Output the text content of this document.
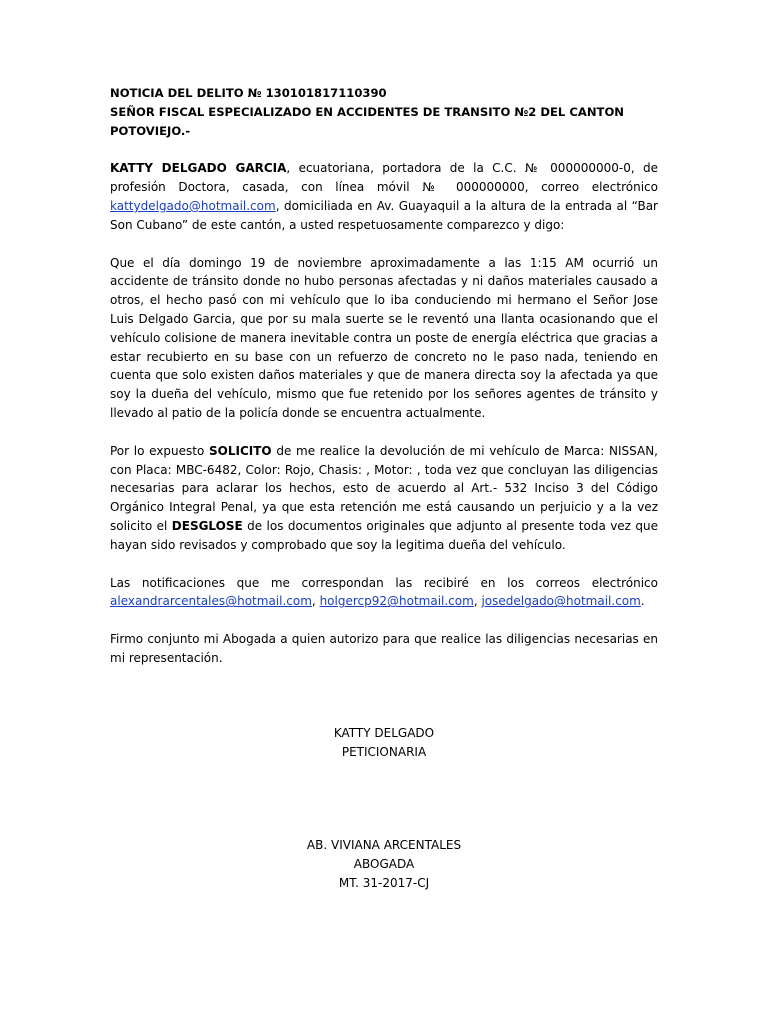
NOTICIA DEL DELITO № 130101817110390

SEÑOR FISCAL ESPECIALIZADO EN ACCIDENTES DE TRANSITO №2 DEL CANTON POTOVIEJO.-

KATTY DELGADO GARCIA, ecuatoriana, portadora de la C.C. № 000000000-0, de profesión Doctora, casada, con línea móvil № 000000000, correo electrónico kattydelgado@hotmail.com, domiciliada en Av. Guayaquil a la altura de la entrada al “Bar Son Cubano” de este cantón, a usted respetuosamente comparezco y digo:

Que el día domingo 19 de noviembre aproximadamente a las 1:15 AM ocurrió un accidente de tránsito donde no hubo personas afectadas y ni daños materiales causado a otros, el hecho pasó con mi vehículo que lo iba conduciendo mi hermano el Señor Jose Luis Delgado Garcia, que por su mala suerte se le reventó una llanta ocasionando que el vehículo colisione de manera inevitable contra un poste de energía eléctrica que gracias a estar recubierto en su base con un refuerzo de concreto no le paso nada, teniendo en cuenta que solo existen daños materiales y que de manera directa soy la afectada ya que soy la dueña del vehículo, mismo que fue retenido por los señores agentes de tránsito y llevado al patio de la policía donde se encuentra actualmente.

Por lo expuesto SOLICITO de me realice la devolución de mi vehículo de Marca: NISSAN, con Placa: MBC-6482, Color: Rojo, Chasis: , Motor: , toda vez que concluyan las diligencias necesarias para aclarar los hechos, esto de acuerdo al Art.- 532 Inciso 3 del Código Orgánico Integral Penal, ya que esta retención me está causando un perjuicio y a la vez solicito el DESGLOSE de los documentos originales que adjunto al presente toda vez que hayan sido revisados y comprobado que soy la legitima dueña del vehículo.

Las notificaciones que me correspondan las recibiré en los correos electrónico alexandrarcentales@hotmail.com, holgercp92@hotmail.com, josedelgado@hotmail.com.

Firmo conjunto mi Abogada a quien autorizo para que realice las diligencias necesarias en mi representación.

KATTY DELGADO
PETICIONARIA
AB. VIVIANA ARCENTALES
ABOGADA
MT. 31-2017-CJ
